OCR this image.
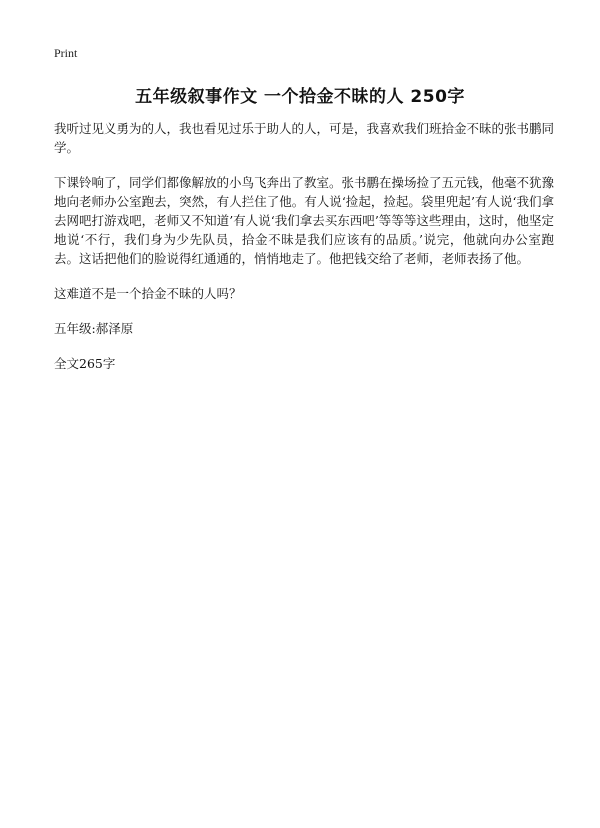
Print
五年级叙事作文 一个拾金不昧的人 250字

我听过见义勇为的人，我也看见过乐于助人的人，可是，我喜欢我们班拾金不昧的张书鹏同学。

下课铃响了，同学们都像解放的小鸟飞奔出了教室。张书鹏在操场捡了五元钱，他毫不犹豫地向老师办公室跑去，突然，有人拦住了他。有人说‘捡起，捡起。袋里兜起’有人说‘我们拿去网吧打游戏吧，老师又不知道’有人说‘我们拿去买东西吧’等等等这些理由，这时，他坚定地说‘不行，我们身为少先队员，拾金不昧是我们应该有的品质。’说完，他就向办公室跑去。这话把他们的脸说得红通通的，悄悄地走了。他把钱交给了老师，老师表扬了他。

这难道不是一个拾金不昧的人吗？

五年级:郝泽原

全文265字
